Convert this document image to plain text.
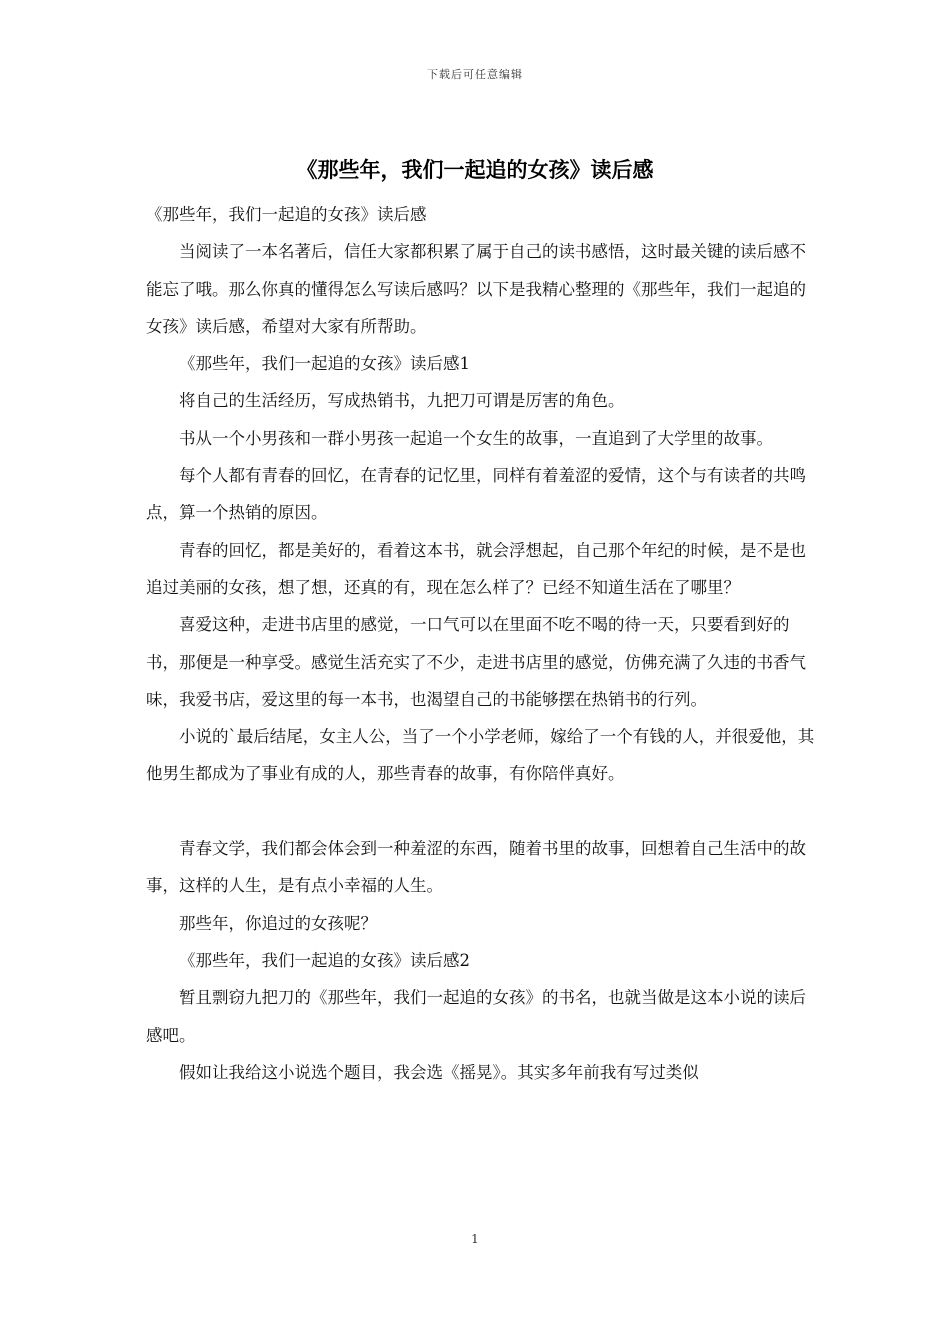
下载后可任意编辑
《那些年，我们一起追的女孩》读后感

《那些年，我们一起追的女孩》读后感

当阅读了一本名著后，信任大家都积累了属于自己的读书感悟，这时最关键的读后感不能忘了哦。那么你真的懂得怎么写读后感吗？以下是我精心整理的《那些年，我们一起追的女孩》读后感，希望对大家有所帮助。

《那些年，我们一起追的女孩》读后感1

将自己的生活经历，写成热销书，九把刀可谓是厉害的角色。

书从一个小男孩和一群小男孩一起追一个女生的故事，一直追到了大学里的故事。

每个人都有青春的回忆，在青春的记忆里，同样有着羞涩的爱情，这个与有读者的共鸣点，算一个热销的原因。

青春的回忆，都是美好的，看着这本书，就会浮想起，自己那个年纪的时候，是不是也追过美丽的女孩，想了想，还真的有，现在怎么样了？已经不知道生活在了哪里？

喜爱这种，走进书店里的感觉，一口气可以在里面不吃不喝的待一天，只要看到好的书，那便是一种享受。感觉生活充实了不少，走进书店里的感觉，仿佛充满了久违的书香气味，我爱书店，爱这里的每一本书，也渴望自己的书能够摆在热销书的行列。

小说的`最后结尾，女主人公，当了一个小学老师，嫁给了一个有钱的人，并很爱他，其他男生都成为了事业有成的人，那些青春的故事，有你陪伴真好。

青春文学，我们都会体会到一种羞涩的东西，随着书里的故事，回想着自己生活中的故事，这样的人生，是有点小幸福的人生。

那些年，你追过的女孩呢？

《那些年，我们一起追的女孩》读后感2

暂且剽窃九把刀的《那些年，我们一起追的女孩》的书名，也就当做是这本小说的读后感吧。

假如让我给这小说选个题目，我会选《摇晃》。其实多年前我有写过类似

1
